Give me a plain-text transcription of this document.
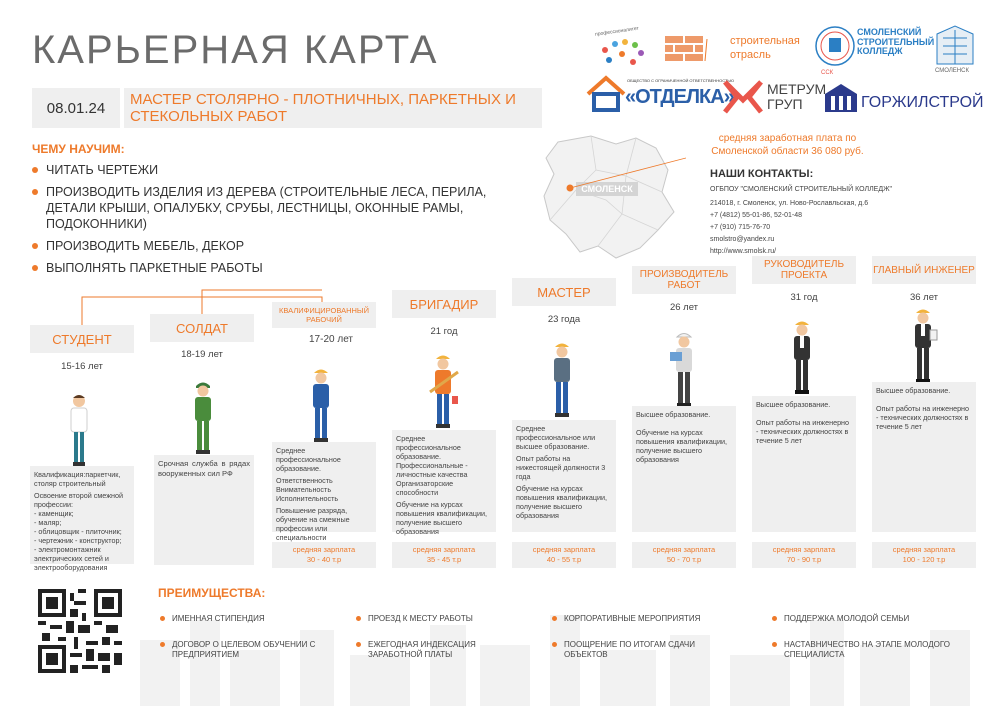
КАРЬЕРНАЯ КАРТА
08.01.24	МАСТЕР СТОЛЯРНО - ПЛОТНИЧНЫХ, ПАРКЕТНЫХ И СТЕКОЛЬНЫХ РАБОТ
профессионалитет
строительная
отрасль
ССК
СМОЛЕНСКИЙ
СТРОИТЕЛЬНЫЙ
КОЛЛЕДЖ
СМОЛЕНСК
ОБЩЕСТВО С ОГРАНИЧЕННОЙ ОТВЕТСТВЕННОСТЬЮ
«ОТДЕЛКА» МЕТРУМ
ГРУП	ГОРЖИЛСТРОЙ
ЧЕМУ НАУЧИМ:
ЧИТАТЬ ЧЕРТЕЖИ
ПРОИЗВОДИТЬ ИЗДЕЛИЯ ИЗ ДЕРЕВА (СТРОИТЕЛЬНЫЕ ЛЕСА, ПЕРИЛА, ДЕТАЛИ КРЫШИ, ОПАЛУБКУ, СРУБЫ, ЛЕСТНИЦЫ, ОКОННЫЕ РАМЫ, ПОДОКОННИКИ)
ПРОИЗВОДИТЬ МЕБЕЛЬ, ДЕКОР
ВЫПОЛНЯТЬ ПАРКЕТНЫЕ РАБОТЫ
СМОЛЕНСК
средняя заработная плата по Смоленской области 36 080 руб.
НАШИ КОНТАКТЫ:
ОГБПОУ "СМОЛЕНСКИЙ СТРОИТЕЛЬНЫЙ КОЛЛЕДЖ"
214018, г. Смоленск, ул. Ново-Рославльская, д.6
+7 (4812) 55-01-86, 52-01-48
+7 (910) 715-76-70
smolstro@yandex.ru
http://www.smolsk.ru/
СТУДЕНТ
15-16 лет

Квалификация:паркетчик, столяр строительный

Освоение второй смежной профессии:
- каменщик;
- маляр;
- облицовщик - плиточник;
- чертежник - конструктор;
- электромонтажник электрических сетей и электрооборудования
СОЛДАТ
18-19 лет
Срочная служба в рядах вооруженных сил РФ
КВАЛИФИЦИРОВАННЫЙ РАБОЧИЙ
17-20 лет

Среднее профессиональное образование.

Ответственность
Внимательность

Исполнительность

Повышение разряда, обучение на смежные профессии или специальности
средняя зарплата
30 - 40 т.р
БРИГАДИР
21 год
Среднее профессиональное образование.
Профессиональные - личностные качества

Организаторские способности

Обучение на курсах повышения квалификации, получение высшего образования
средняя зарплата
35 - 45 т.р
МАСТЕР
23 года

Среднее профессиональное или высшее образование.

Опыт работы на нижестоящей должности 3 года

Обучение на курсах повышения квалификации, получение высшего образования
средняя зарплата
40 - 55 т.р
ПРОИЗВОДИТЕЛЬ РАБОТ
26 лет

Высшее образование.

Обучение на курсах повышения квалификации, получение высшего образования
средняя зарплата
50 - 70 т.р
РУКОВОДИТЕЛЬ ПРОЕКТА
31 год

Высшее образование.

Опыт работы на инженерно - технических должностях в течение 5 лет
средняя зарплата
70 - 90 т.р
ГЛАВНЫЙ ИНЖЕНЕР
36 лет

Высшее образование.

Опыт работы на инженерно - технических должностях в течение 5 лет
средняя зарплата
100 - 120 т.р
ПРЕИМУЩЕСТВА:
ИМЕННАЯ СТИПЕНДИЯ
ДОГОВОР О ЦЕЛЕВОМ ОБУЧЕНИИ С ПРЕДПРИЯТИЕМ
ПРОЕЗД К МЕСТУ РАБОТЫ
ЕЖЕГОДНАЯ ИНДЕКСАЦИЯ ЗАРАБОТНОЙ ПЛАТЫ
КОРПОРАТИВНЫЕ МЕРОПРИЯТИЯ
ПООЩРЕНИЕ ПО ИТОГАМ СДАЧИ ОБЪЕКТОВ
ПОДДЕРЖКА МОЛОДОЙ СЕМЬИ
НАСТАВНИЧЕСТВО НА ЭТАПЕ МОЛОДОГО СПЕЦИАЛИСТА
